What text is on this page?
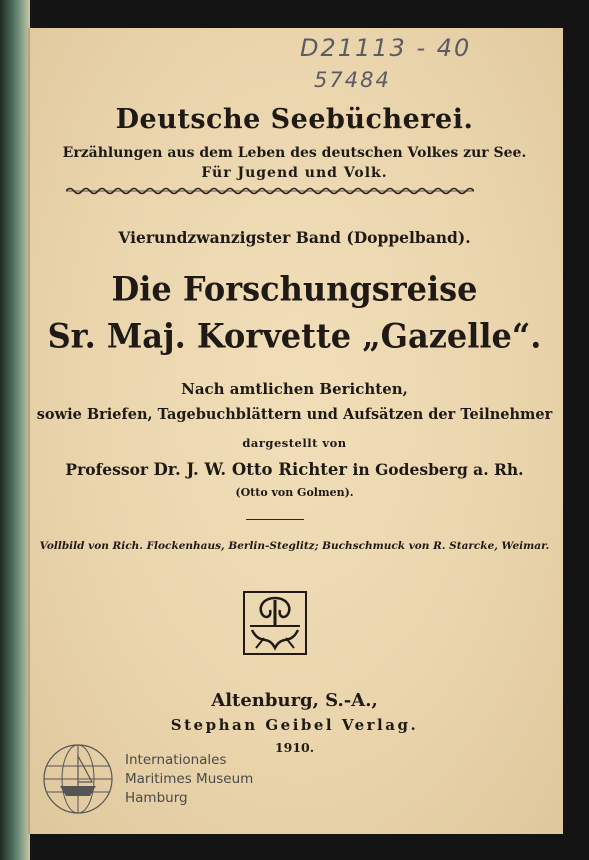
D21113 - 40
57484
Deutsche Seebücherei.
Erzählungen aus dem Leben des deutschen Volkes zur See.
Für Jugend und Volk.
Vierundzwanzigster Band (Doppelband).
Die Forschungsreise
Sr. Maj. Korvette „Gazelle“.
Nach amtlichen Berichten,
sowie Briefen, Tagebuchblättern und Aufsätzen der Teilnehmer
dargestellt von
Professor Dr. J. W. Otto Richter in Godesberg a. Rh.
(Otto von Golmen).
Vollbild von Rich. Flockenhaus, Berlin-Steglitz; Buchschmuck von R. Starcke, Weimar.
Altenburg, S.-A.,
Stephan Geibel Verlag.
1910.
Internationales
Maritimes Museum
Hamburg
